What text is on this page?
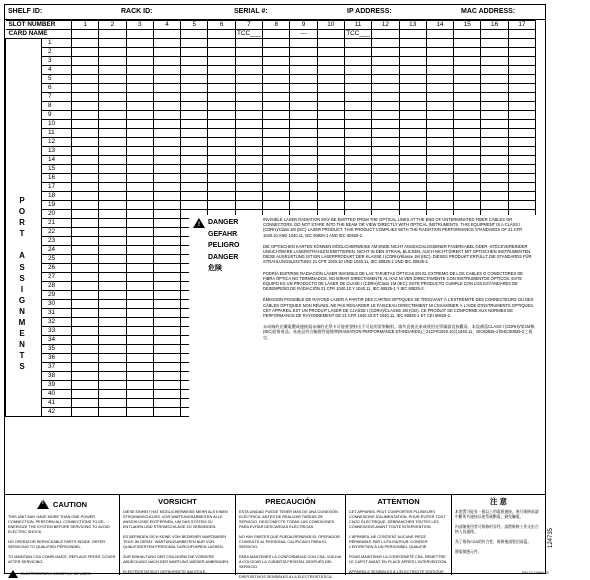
SHELF ID:	RACK ID:	SERIAL #:	IP ADDRESS:	MAC ADDRESS:
SLOT NUMBER		1	2	3	4	5	6	7	8	9	10	11	12	13	14	15	16	17
CARD NAME								TCC___		---		TCC___						
	1																	
	2																	
	3																	
	4																	
	5																	
	6																	
	7																	
	8																	
	9																	
	10																	
	11																	
	12																	
	13																	
	14																	
	15																	
	16																	
	17																	
	18																	
	19																	
	20																	
	21																	
	22																	
	23																	
	24																	
	25																	
	26																	
	27																	
	28																	
	29																	
	30																	
	31																	
	32																	
	33																	
	34																	
	35																	
	36																	
	37																	
	38																	
	39																	
	40																	
	41																	
	42																	
P
O
R
T

A
S
S
I
G
N
M
E
N
T
S
!
DANGER
GEFAHR
PELIGRO
DANGER
危険

INVISIBLE LASER RADIATION MAY BE EMITTED FROM THE OPTICAL LINES AT THE END OF UNTERMINATED FIBER CABLES OR CONNECTORS. DO NOT STARE INTO THE BEAM OR VIEW DIRECTLY WITH OPTICAL INSTRUMENTS. THIS EQUIPMENT IS A CLASS I (CDRH)/Class 1M (IEC) LASER PRODUCT. THIS PRODUCT COMPLIES WITH THE RADIATION PERFORMANCE STANDARDS OF 21 CFR 1040.10 AND 1040.11, IEC 60825-1 AND IEC 60825-2.

DIE OPTISCHEN KARTEN KÖNNEN MÖGLICHERWEISE AM ENDE NICHT ANGESCHLOSSENER FASERKABEL ODER -STECKVERBINDER UNSICHTBARE LASERSTRAHLEN EMITTIEREN. NICHT IN DEN STRAHL BLICKEN, AUCH NICHT DIREKT MIT OPTISCHEN INSTRUMENTEN. DIESE AUSRÜSTUNG IST EIN LASERPRODUKT DER KLASSE I (CDRH)/Klasse 1M (IEC). DIESES PRODUKT ERFÜLLT DIE STANDARDS FÜR STRAHLUNGSLEISTUNG 21 CFR 1040.10 UND 1040.11, IEC 60825-1 UND IEC 60825-2.

PODRÍA EMITIRSE RADIACIÓN LÁSER INVISIBLE DE LAS TARJETAS ÓPTICAS EN EL EXTREMO DE LOS CABLES O CONECTORES DE FIBRA ÓPTICA NO TERMINADOS. NO MIRAR DIRECTAMENTE AL HAZ NI VER DIRECTAMENTE CON INSTRUMENTOS ÓPTICOS. ESTE EQUIPO ES UN PRODUCTO DE LÁSER DE CLASE I (CDRH)/Clase 1M (IEC). ESTE PRODUCTO CUMPLE CON LOS ESTÁNDARES DE DESEMPEÑO DE RADIACIÓN 21 CFR 1040.10 Y 1040.11, IEC 60825-1 Y IEC 60825-2.

ÉMISSION POSSIBLE DE RAYONS LASER À PARTIR DES CARTES OPTIQUES SE TROUVANT À L'EXTRÉMITÉ DES CONNECTEURS OU DES CÂBLES OPTIQUES NON RÉUNIS. NE PAS REGARDER LE FAISCEAU DIRECTEMENT NI L'EXAMINER À L'AIDE D'INSTRUMENTS OPTIQUES. CET APPAREIL EST UN PRODUIT LASER DE CLASSE I (CDRH)/CLASSE 1M (CEI). CE PRODUIT SE CONFORME AUX NORMES DE PERFORMANCE DE RAYONNEMENT DE 21 CFR 1040.10 ET 1040.11, IEC 60825-1 ET CEI 60825-2.

未成端的光纖電纜或連接器末端的光學卡可能會發射出不可見的雷射輻射。請勿直視光束或使用光學儀器直接觀看。本設備爲CLASS I (CDRH)/第1M類(IEC)雷射產品。本產品符合輻射性能標準(RADIATION PERFORMANCE STANDARDS)之21CFR1040.10及1040.11、IEC60825-1和IEC60825-2之規定。

!
CAUTION

THIS UNIT MAY HAVE MORE THAN ONE POWER CONNECTION. PERFORM ALL CONNECTIONS TO DE-ENERGIZE THE SYSTEM BEFORE SERVICING TO AVOID ELECTRIC SHOCK.

NO OPERATOR SERVICEABLE PARTS INSIDE. REFER SERVICING TO QUALIFIED PERSONNEL.

TO MAINTAIN CSA COMPLIANCE, REPLACE FRONT COVER AFTER SERVICING.

ELECTROSTATIC SENSITIVE DEVICES.
VORSICHT

DIESE EINHEIT HAT MÖGLICHERWEISE MEHR ALS EINEN STROMANSCHLUSS. VOR WARTUNGSARBEITEN ALLE ANSCHLÜSSE ENTFERNEN, UM DAS SYSTEM ZU ENTLADEN UND STROMSCHLÄGE ZU VERMEIDEN.

ES BEFINDEN SICH KEINE VOM BEDIENER WARTBAREN TEILE IM GERÄT. WARTUNGSARBEITEN NUR VON QUALIFIZIERTEM PERSONAL DURCHFÜHREN LASSEN.

ZUR EINHALTUNG DER CSA-NORM DIE VORDERE ABDECKUNG NACH DER WARTUNG WIEDER ANBRINGEN.

ELEKTROSTATISCH GEFÄHRDETE BAUTEILE.

PRECAUCIÓN

ESTA UNIDAD PUEDE TENER MÁS DE UNA CONEXIÓN ELÉCTRICA. ANTES DE REALIZAR TAREAS DE SERVICIO, DESCONECTE TODAS LAS CONEXIONES PARA EVITAR DESCARGAS ELÉCTRICAS.

NO HAY PARTES QUE PUEDA REPARAR EL OPERADOR. CONSULTE AL PERSONAL CALIFICADO PARA EL SERVICIO.

PARA MANTENER LA CONFORMIDAD CON CSA, VUELVA A COLOCAR LA CUBIERTA FRONTAL DESPUÉS DEL SERVICIO.

DISPOSITIVOS SENSIBLES A LA ELECTROSTÁTICA.

ATTENTION

CET APPAREIL PEUT COMPORTER PLUSIEURS CONNEXIONS D'ALIMENTATION. POUR ÉVITER TOUT CHOC ÉLECTRIQUE, DÉBRANCHER TOUTES LES CONNEXIONS AVANT TOUTE INTERVENTION.

L'APPAREIL NE CONTIENT AUCUNE PIÈCE RÉPARABLE PAR L'UTILISATEUR. CONFIER L'ENTRETIEN À UN PERSONNEL QUALIFIÉ.

POUR MAINTENIR LA CONFORMITÉ CSA, REMETTRE LE CAPOT AVANT EN PLACE APRÈS L'INTERVENTION.

APPAREILS SENSIBLES À L'ÉLECTRICITÉ STATIQUE.

注 意

本裝置可能有一個以上的電源連接。進行維修前請中斷所有連接以使系統斷電，避免觸電。

內部無使用者可維修的零件。請將維修工作交由合格人員處理。

為了維持CSA的符合性，維修後請裝回前蓋。

靜電敏感元件。

124735
P/N 47-10660-02
